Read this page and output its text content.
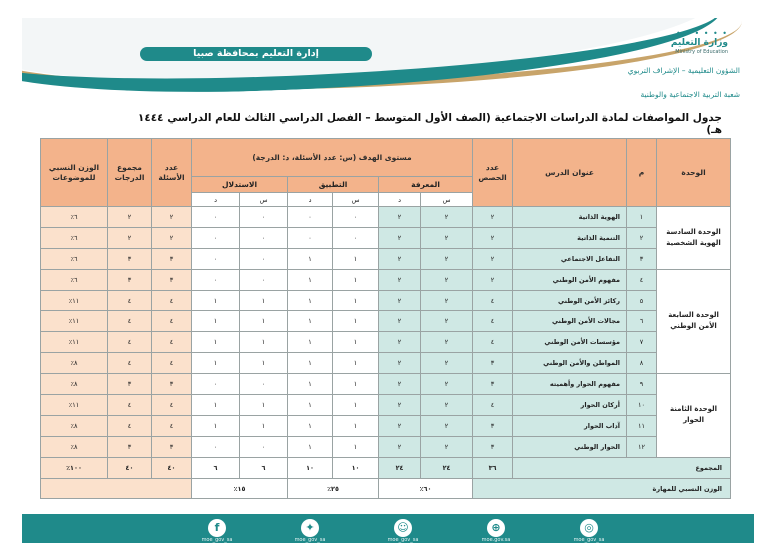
إدارة التعليم بمحافظة صبيا
• • • • • •
وزارة التعليم
Ministry of Education
الشؤون التعليمية – الإشراف التربوي
شعبة التربية الاجتماعية والوطنية
جدول المواصفات لمادة الدراسات الاجتماعية (الصف الأول المتوسط – الفصل الدراسي الثالث للعام الدراسي ١٤٤٤ هـ)
الوحدة	م	عنوان الدرس	عدد الحصص	مستوى الهدف (س: عدد الأسئلة، د: الدرجة)						عدد الأسئلة	مجموع الدرجات	الوزن النسبي للموضوعات
				المعرفة		التطبيق		الاستدلال				
				س	د	س	د	س	د			
الوحدة السادسة الهوية الشخصية	١	الهوية الذاتية	٢	٢	٢	٠	٠	٠	٠	٢	٢	٦٪
	٢	التنمية الذاتية	٢	٢	٢	٠	٠	٠	٠	٢	٢	٦٪
	٣	التفاعل الاجتماعي	٢	٢	٢	١	١	٠	٠	٣	٣	٦٪
الوحدة السابعة الأمن الوطني	٤	مفهوم الأمن الوطني	٢	٢	٢	١	١	٠	٠	٣	٣	٦٪
	٥	ركائز الأمن الوطني	٤	٢	٢	١	١	١	١	٤	٤	١١٪
	٦	مجالات الأمن الوطني	٤	٢	٢	١	١	١	١	٤	٤	١١٪
	٧	مؤسسات الأمن الوطني	٤	٢	٢	١	١	١	١	٤	٤	١١٪
	٨	المواطن والأمن الوطني	٣	٢	٢	١	١	١	١	٤	٤	٨٪
الوحدة الثامنة الحوار	٩	مفهوم الحوار وأهميته	٣	٢	٢	١	١	٠	٠	٣	٣	٨٪
	١٠	أركان الحوار	٤	٢	٢	١	١	١	١	٤	٤	١١٪
	١١	آداب الحوار	٣	٢	٢	١	١	١	١	٤	٤	٨٪
	١٢	الحوار الوطني	٣	٢	٢	١	١	٠	٠	٣	٣	٨٪
المجموع			٣٦	٢٤	٢٤	١٠	١٠	٦	٦	٤٠	٤٠	١٠٠٪
الوزن النسبي للمهارة				٦٠٪		٢٥٪		١٥٪				
f
moe_gov_sa
✦
moe_gov_sa
☺
moe_gov_sa
⊕
moe.gov.sa
◎
moe_gov_sa
